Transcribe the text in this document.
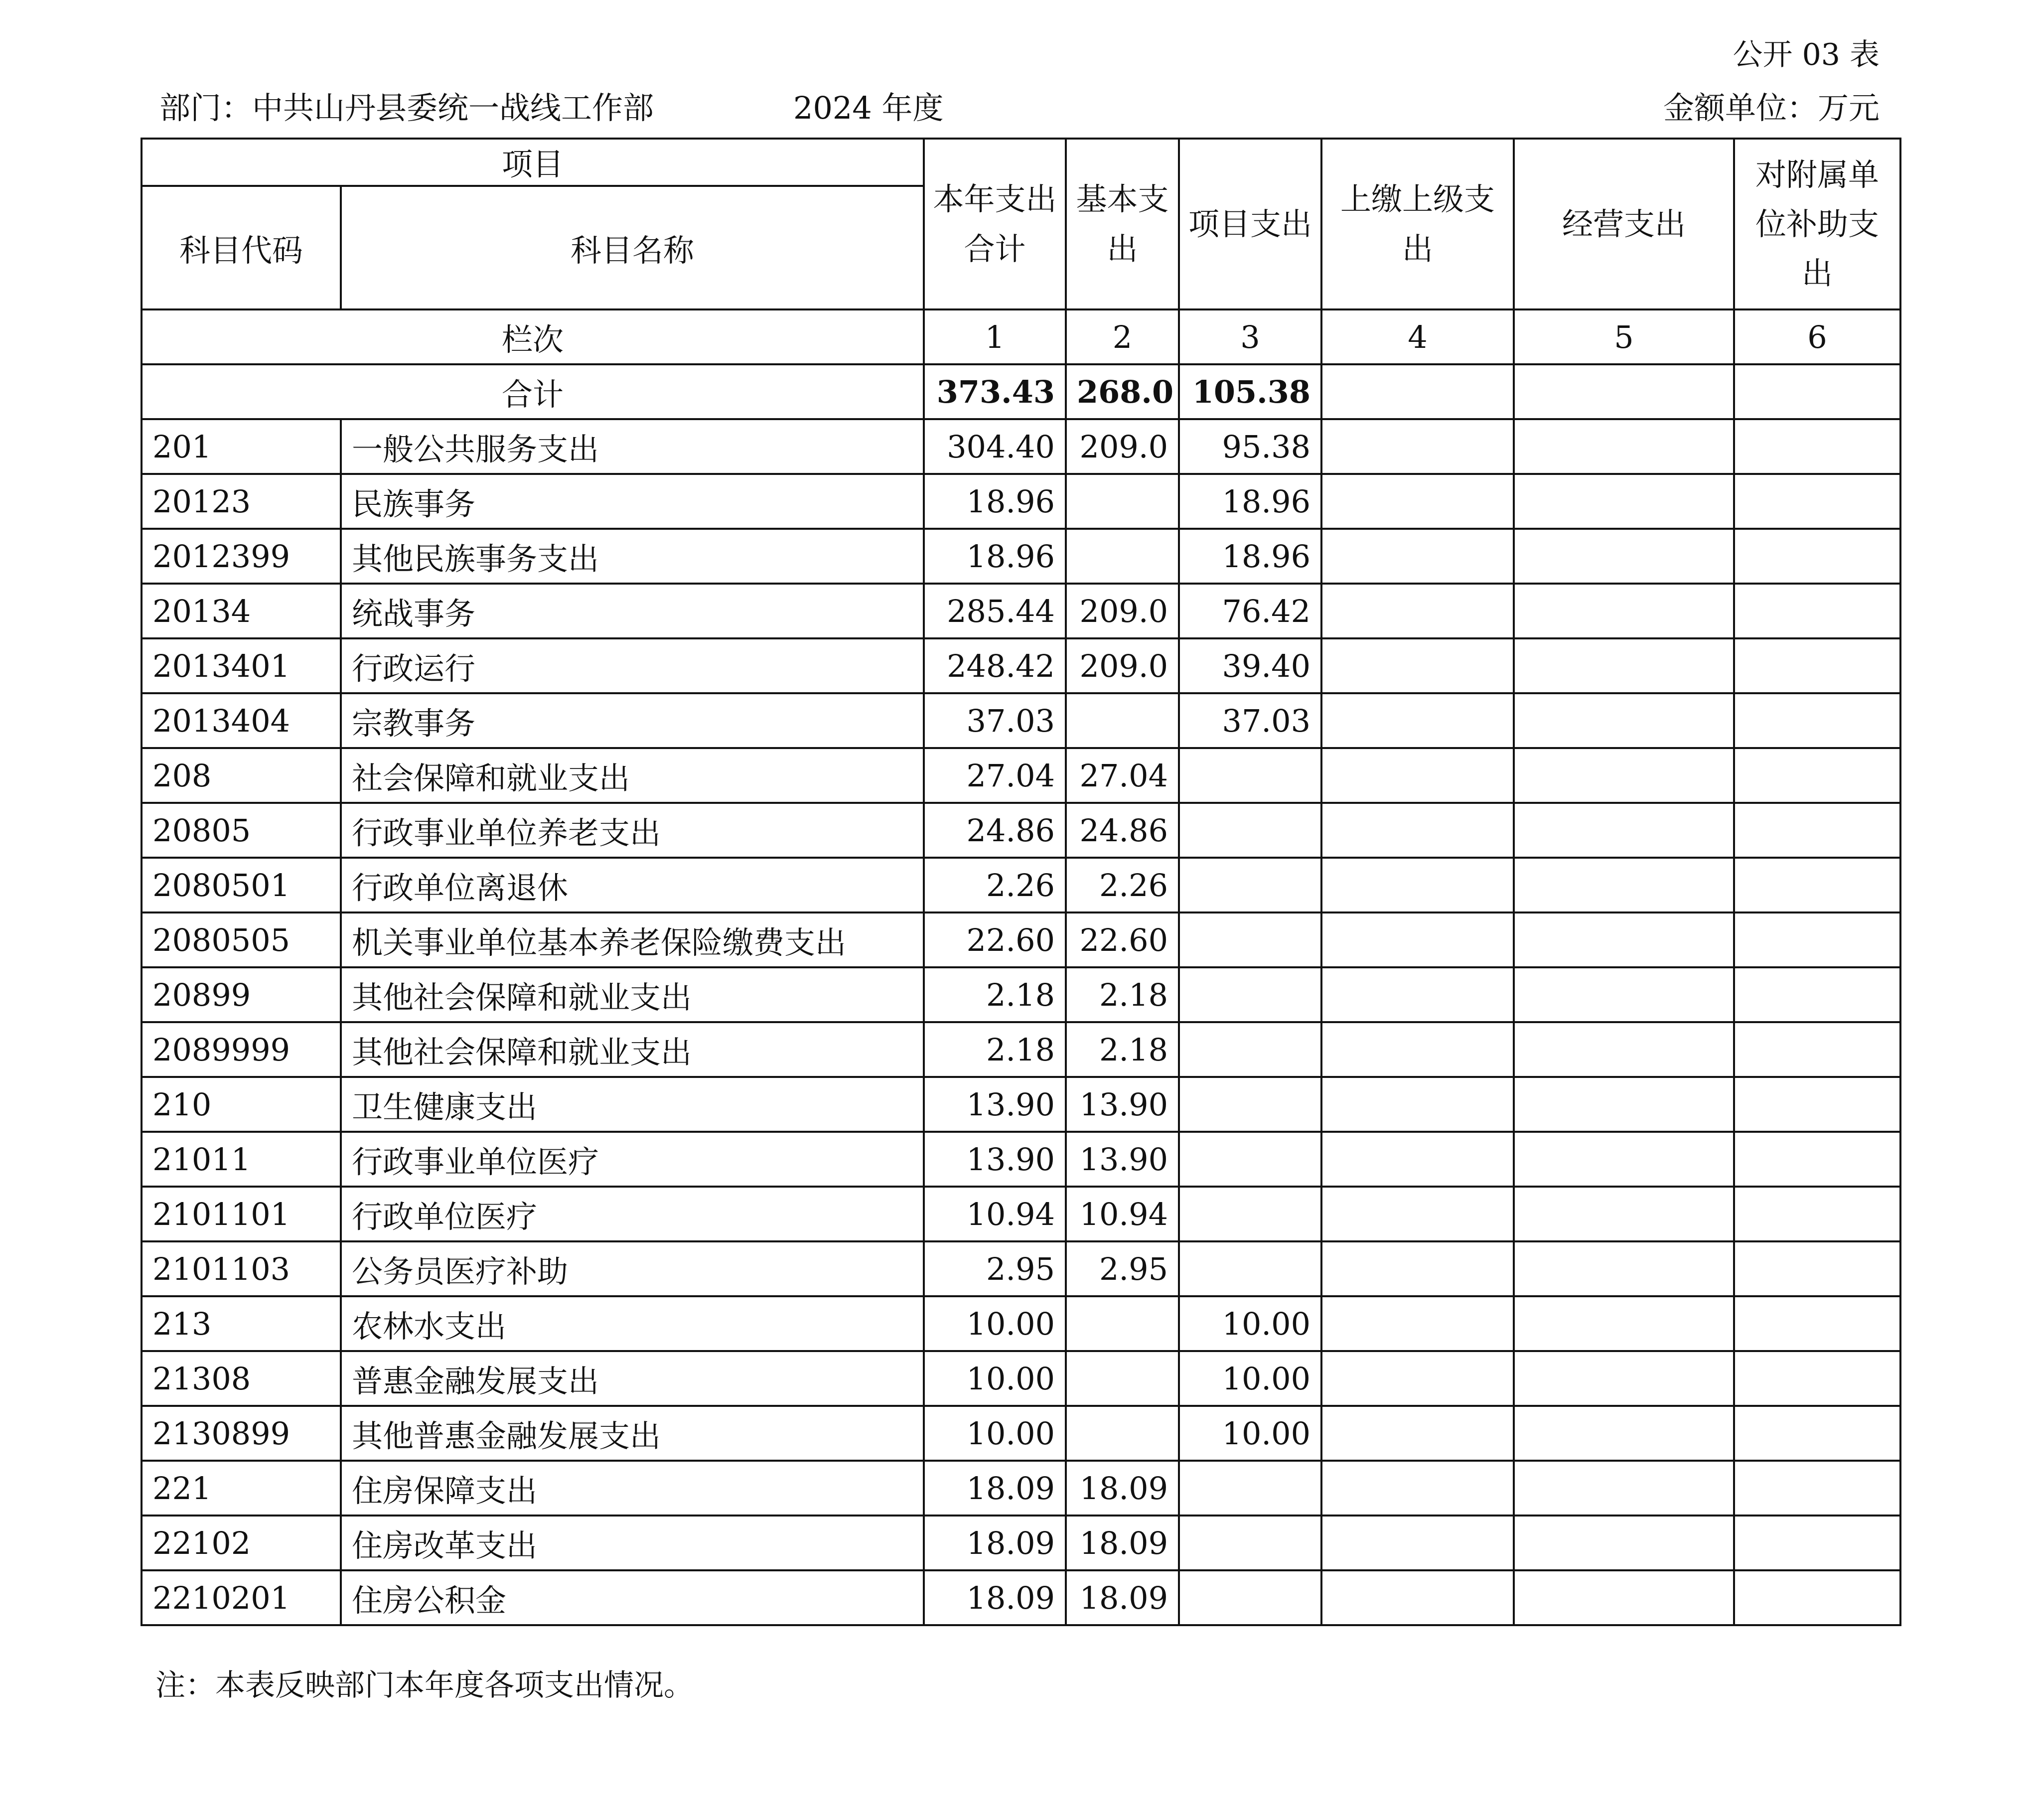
公开 03 表
部门：中共山丹县委统一战线工作部	2024 年度	金额单位：万元
项目		本年支出合计	基本支出	项目支出	上缴上级支出	经营支出	对附属单位补助支出
科目代码	科目名称						
栏次		1	2	3	4	5	6
合计		373.43	268.0	105.38			
201	一般公共服务支出	304.40	209.0	95.38			
20123	民族事务	18.96		18.96			
2012399	其他民族事务支出	18.96		18.96			
20134	统战事务	285.44	209.0	76.42			
2013401	行政运行	248.42	209.0	39.40			
2013404	宗教事务	37.03		37.03			
208	社会保障和就业支出	27.04	27.04				
20805	行政事业单位养老支出	24.86	24.86				
2080501	行政单位离退休	2.26	2.26				
2080505	机关事业单位基本养老保险缴费支出	22.60	22.60				
20899	其他社会保障和就业支出	2.18	2.18				
2089999	其他社会保障和就业支出	2.18	2.18				
210	卫生健康支出	13.90	13.90				
21011	行政事业单位医疗	13.90	13.90				
2101101	行政单位医疗	10.94	10.94				
2101103	公务员医疗补助	2.95	2.95				
213	农林水支出	10.00		10.00			
21308	普惠金融发展支出	10.00		10.00			
2130899	其他普惠金融发展支出	10.00		10.00			
221	住房保障支出	18.09	18.09				
22102	住房改革支出	18.09	18.09				
2210201	住房公积金	18.09	18.09				
注：本表反映部门本年度各项支出情况。
